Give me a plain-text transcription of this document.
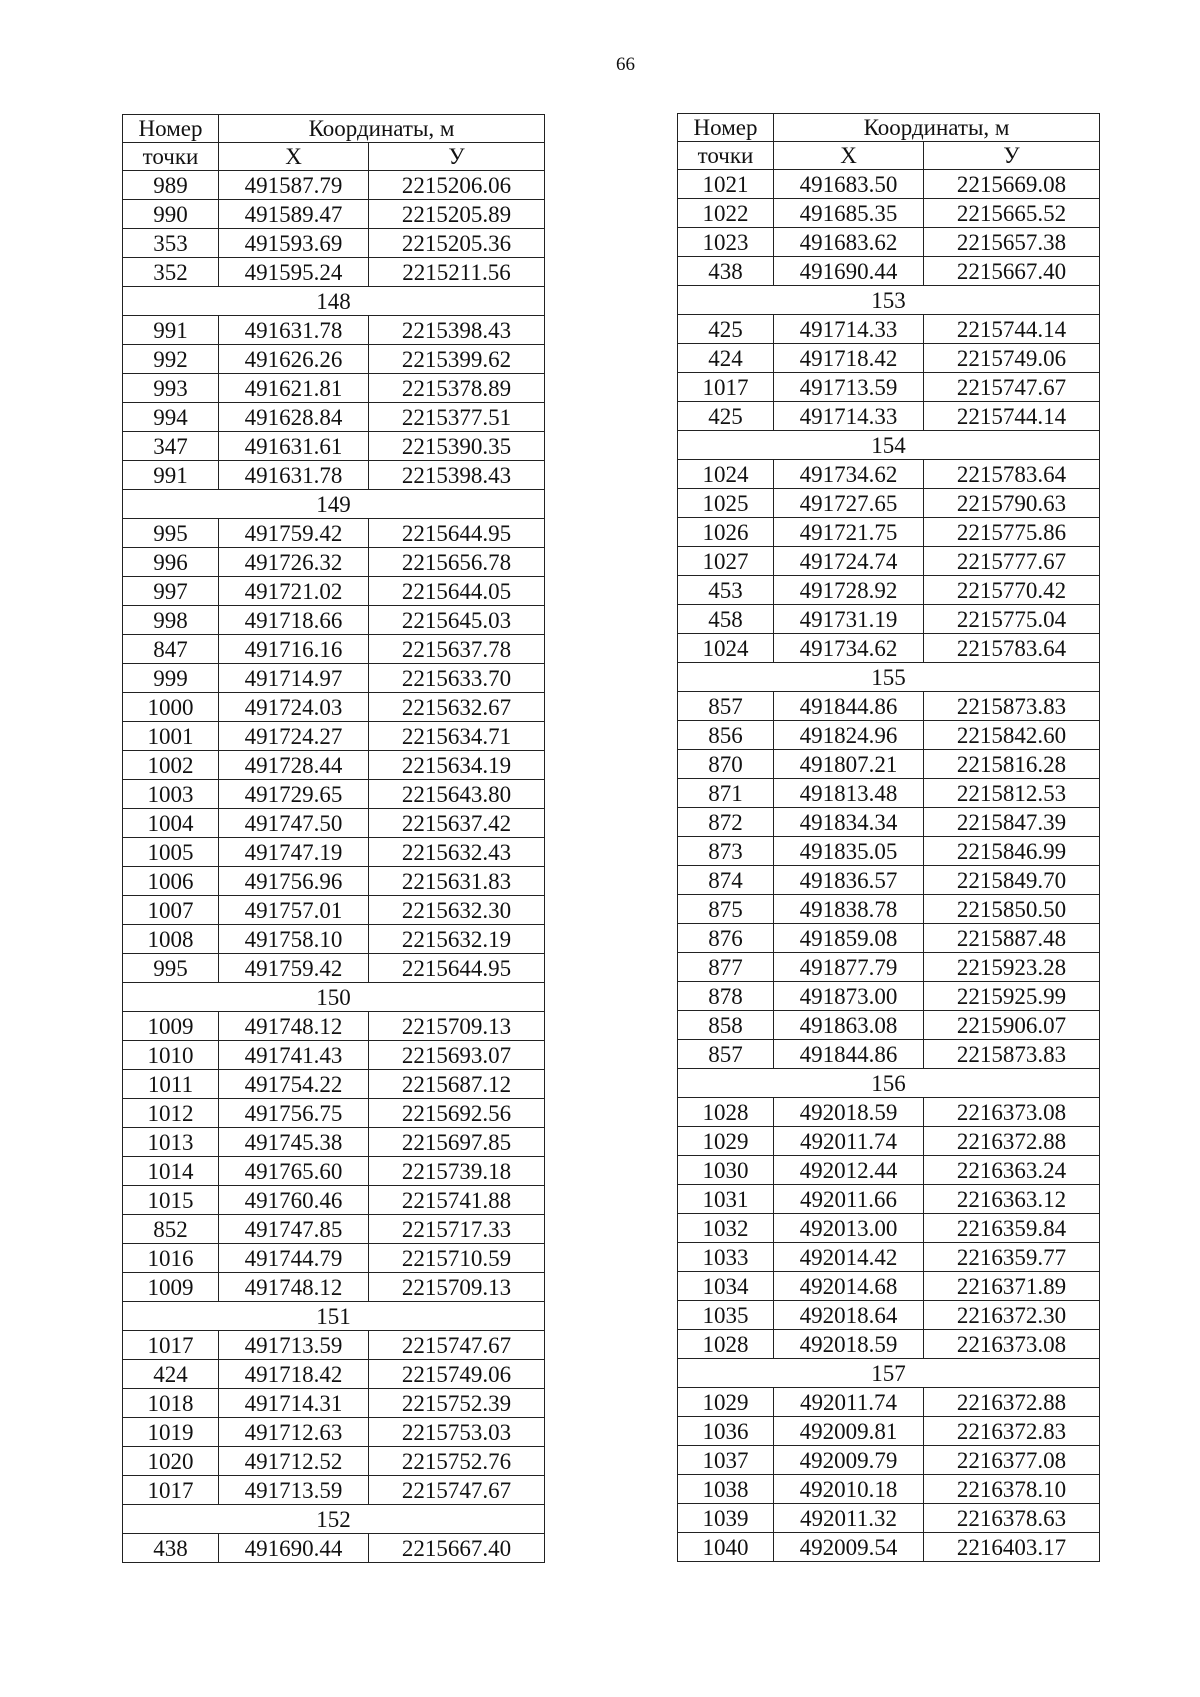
66
Номер	Координаты, м	
точки	X	У
989	491587.79	2215206.06
990	491589.47	2215205.89
353	491593.69	2215205.36
352	491595.24	2215211.56
148		
991	491631.78	2215398.43
992	491626.26	2215399.62
993	491621.81	2215378.89
994	491628.84	2215377.51
347	491631.61	2215390.35
991	491631.78	2215398.43
149		
995	491759.42	2215644.95
996	491726.32	2215656.78
997	491721.02	2215644.05
998	491718.66	2215645.03
847	491716.16	2215637.78
999	491714.97	2215633.70
1000	491724.03	2215632.67
1001	491724.27	2215634.71
1002	491728.44	2215634.19
1003	491729.65	2215643.80
1004	491747.50	2215637.42
1005	491747.19	2215632.43
1006	491756.96	2215631.83
1007	491757.01	2215632.30
1008	491758.10	2215632.19
995	491759.42	2215644.95
150		
1009	491748.12	2215709.13
1010	491741.43	2215693.07
1011	491754.22	2215687.12
1012	491756.75	2215692.56
1013	491745.38	2215697.85
1014	491765.60	2215739.18
1015	491760.46	2215741.88
852	491747.85	2215717.33
1016	491744.79	2215710.59
1009	491748.12	2215709.13
151		
1017	491713.59	2215747.67
424	491718.42	2215749.06
1018	491714.31	2215752.39
1019	491712.63	2215753.03
1020	491712.52	2215752.76
1017	491713.59	2215747.67
152		
438	491690.44	2215667.40
Номер	Координаты, м	
точки	X	У
1021	491683.50	2215669.08
1022	491685.35	2215665.52
1023	491683.62	2215657.38
438	491690.44	2215667.40
153		
425	491714.33	2215744.14
424	491718.42	2215749.06
1017	491713.59	2215747.67
425	491714.33	2215744.14
154		
1024	491734.62	2215783.64
1025	491727.65	2215790.63
1026	491721.75	2215775.86
1027	491724.74	2215777.67
453	491728.92	2215770.42
458	491731.19	2215775.04
1024	491734.62	2215783.64
155		
857	491844.86	2215873.83
856	491824.96	2215842.60
870	491807.21	2215816.28
871	491813.48	2215812.53
872	491834.34	2215847.39
873	491835.05	2215846.99
874	491836.57	2215849.70
875	491838.78	2215850.50
876	491859.08	2215887.48
877	491877.79	2215923.28
878	491873.00	2215925.99
858	491863.08	2215906.07
857	491844.86	2215873.83
156		
1028	492018.59	2216373.08
1029	492011.74	2216372.88
1030	492012.44	2216363.24
1031	492011.66	2216363.12
1032	492013.00	2216359.84
1033	492014.42	2216359.77
1034	492014.68	2216371.89
1035	492018.64	2216372.30
1028	492018.59	2216373.08
157		
1029	492011.74	2216372.88
1036	492009.81	2216372.83
1037	492009.79	2216377.08
1038	492010.18	2216378.10
1039	492011.32	2216378.63
1040	492009.54	2216403.17
